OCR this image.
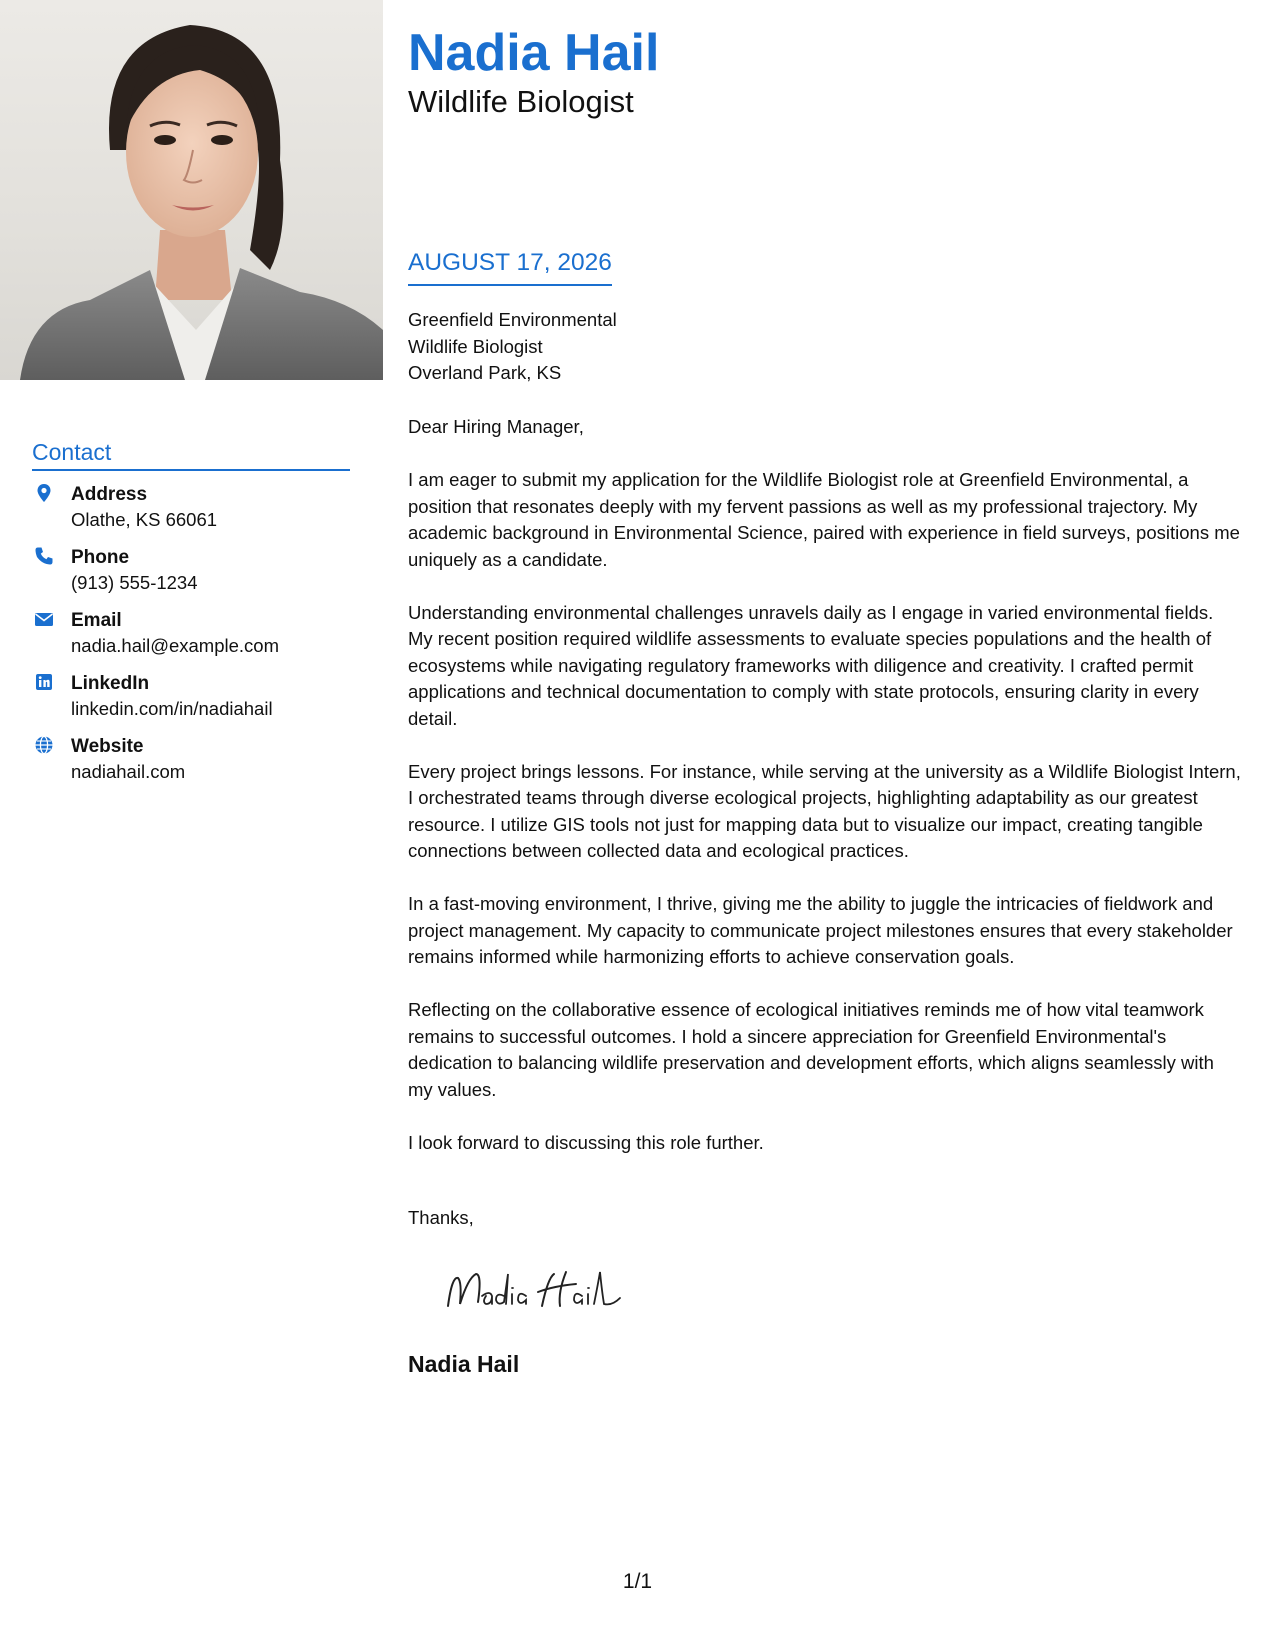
Contact
Address
Olathe, KS 66061
Phone
(913) 555-1234
Email
nadia.hail@example.com
LinkedIn
linkedin.com/in/nadiahail
Website
nadiahail.com
Nadia Hail
Wildlife Biologist
AUGUST 17, 2026
Greenfield Environmental
Wildlife Biologist
Overland Park, KS

Dear Hiring Manager,

I am eager to submit my application for the Wildlife Biologist role at Greenfield Environmental, a position that resonates deeply with my fervent passions as well as my professional trajectory. My academic background in Environmental Science, paired with experience in field surveys, positions me uniquely as a candidate.

Understanding environmental challenges unravels daily as I engage in varied environmental fields. My recent position required wildlife assessments to evaluate species populations and the health of ecosystems while navigating regulatory frameworks with diligence and creativity. I crafted permit applications and technical documentation to comply with state protocols, ensuring clarity in every detail.

Every project brings lessons. For instance, while serving at the university as a Wildlife Biologist Intern, I orchestrated teams through diverse ecological projects, highlighting adaptability as our greatest resource. I utilize GIS tools not just for mapping data but to visualize our impact, creating tangible connections between collected data and ecological practices.

In a fast-moving environment, I thrive, giving me the ability to juggle the intricacies of fieldwork and project management. My capacity to communicate project milestones ensures that every stakeholder remains informed while harmonizing efforts to achieve conservation goals.

Reflecting on the collaborative essence of ecological initiatives reminds me of how vital teamwork remains to successful outcomes. I hold a sincere appreciation for Greenfield Environmental's dedication to balancing wildlife preservation and development efforts, which aligns seamlessly with my values.

I look forward to discussing this role further.

Thanks,
Nadia Hail
1/1
